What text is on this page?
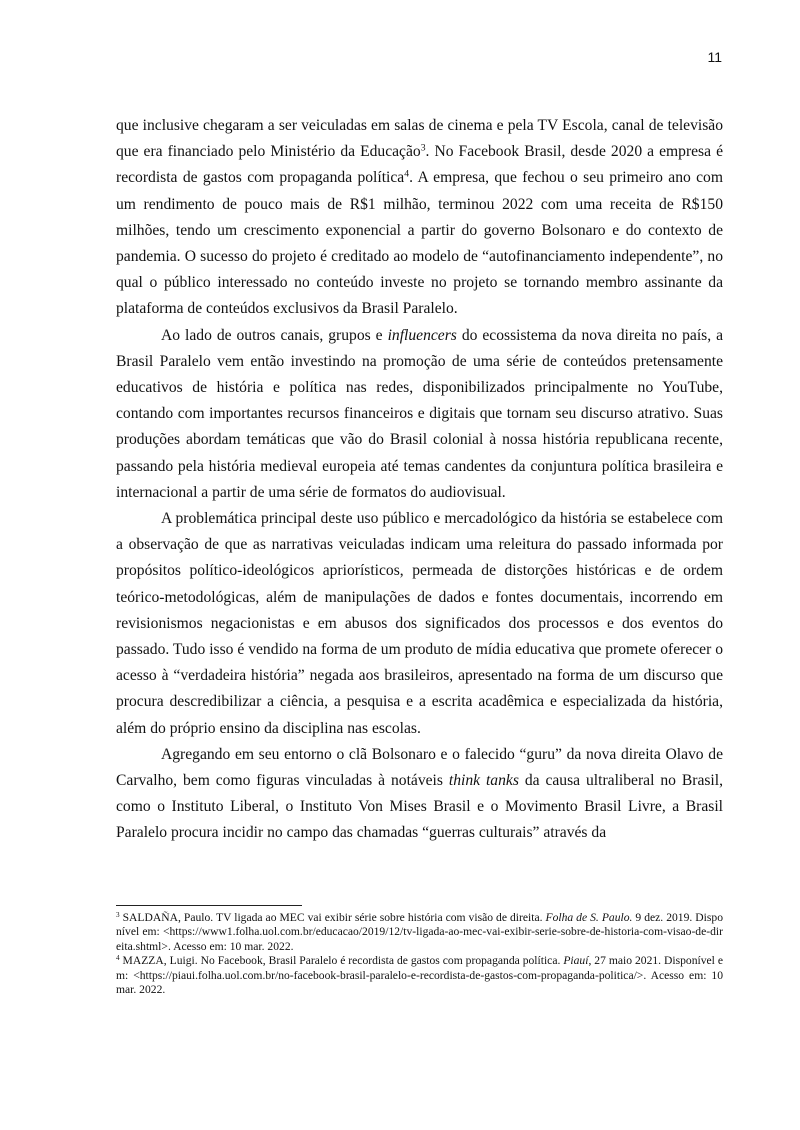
11

que inclusive chegaram a ser veiculadas em salas de cinema e pela TV Escola, canal de televisão que era financiado pelo Ministério da Educação$^3$. No Facebook Brasil, desde 2020 a empresa é recordista de gastos com propaganda política$^4$. A empresa, que fechou o seu primeiro ano com um rendimento de pouco mais de R$1 milhão, terminou 2022 com uma receita de R$150 milhões, tendo um crescimento exponencial a partir do governo Bolsonaro e do contexto de pandemia. O sucesso do projeto é creditado ao modelo de “autofinanciamento independente”, no qual o público interessado no conteúdo investe no projeto se tornando membro assinante da plataforma de conteúdos exclusivos da Brasil Paralelo.

Ao lado de outros canais, grupos e influencers do ecossistema da nova direita no país, a Brasil Paralelo vem então investindo na promoção de uma série de conteúdos pretensamente educativos de história e política nas redes, disponibilizados principalmente no YouTube, contando com importantes recursos financeiros e digitais que tornam seu discurso atrativo. Suas produções abordam temáticas que vão do Brasil colonial à nossa história republicana recente, passando pela história medieval europeia até temas candentes da conjuntura política brasileira e internacional a partir de uma série de formatos do audiovisual.

A problemática principal deste uso público e mercadológico da história se estabelece com a observação de que as narrativas veiculadas indicam uma releitura do passado informada por propósitos político-ideológicos apriorísticos, permeada de distorções históricas e de ordem teórico-metodológicas, além de manipulações de dados e fontes documentais, incorrendo em revisionismos negacionistas e em abusos dos significados dos processos e dos eventos do passado. Tudo isso é vendido na forma de um produto de mídia educativa que promete oferecer o acesso à “verdadeira história” negada aos brasileiros, apresentado na forma de um discurso que procura descredibilizar a ciência, a pesquisa e a escrita acadêmica e especializada da história, além do próprio ensino da disciplina nas escolas.

Agregando em seu entorno o clã Bolsonaro e o falecido “guru” da nova direita Olavo de Carvalho, bem como figuras vinculadas à notáveis think tanks da causa ultraliberal no Brasil, como o Instituto Liberal, o Instituto Von Mises Brasil e o Movimento Brasil Livre, a Brasil Paralelo procura incidir no campo das chamadas “guerras culturais” através da

$^3$ SALDAÑA, Paulo. TV ligada ao MEC vai exibir série sobre história com visão de direita. Folha de S. Paulo. 9 dez. 2019. Disponível em: <https://www1.folha.uol.com.br/educacao/2019/12/tv-ligada-ao-mec-vai-exibir-serie-sobre-de-historia-com-visao-de-direita.shtml>. Acesso em: 10 mar. 2022.

$^4$ MAZZA, Luigi. No Facebook, Brasil Paralelo é recordista de gastos com propaganda política. Piauí, 27 maio 2021. Disponível em: <https://piaui.folha.uol.com.br/no-facebook-brasil-paralelo-e-recordista-de-gastos-com-propaganda-politica/>. Acesso em: 10 mar. 2022.
